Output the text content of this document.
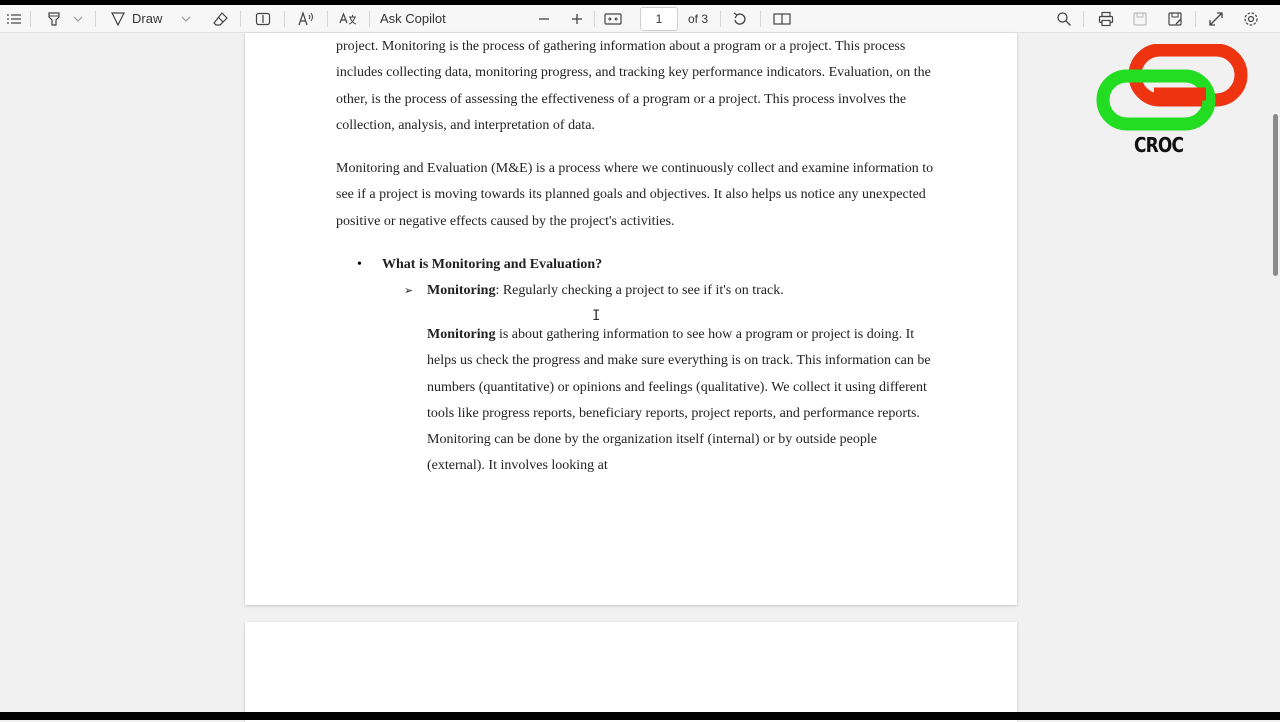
Draw	Ask Copilot	1 of 3
project. Monitoring is the process of gathering information about a program or a project. This process includes collecting data, monitoring progress, and tracking key performance indicators. Evaluation, on the other, is the process of assessing the effectiveness of a program or a project. This process involves the collection, analysis, and interpretation of data.
Monitoring and Evaluation (M&E) is a process where we continuously collect and examine information to see if a project is moving towards its planned goals and objectives. It also helps us notice any unexpected positive or negative effects caused by the project's activities.
• What is Monitoring and Evaluation?
➢ Monitoring: Regularly checking a project to see if it's on track.
Monitoring is about gathering information to see how a program or project is doing. It helps us check the progress and make sure everything is on track. This information can be numbers (quantitative) or opinions and feelings (qualitative). We collect it using different tools like progress reports, beneficiary reports, project reports, and performance reports. Monitoring can be done by the organization itself (internal) or by outside people (external). It involves looking at
I
CROC
